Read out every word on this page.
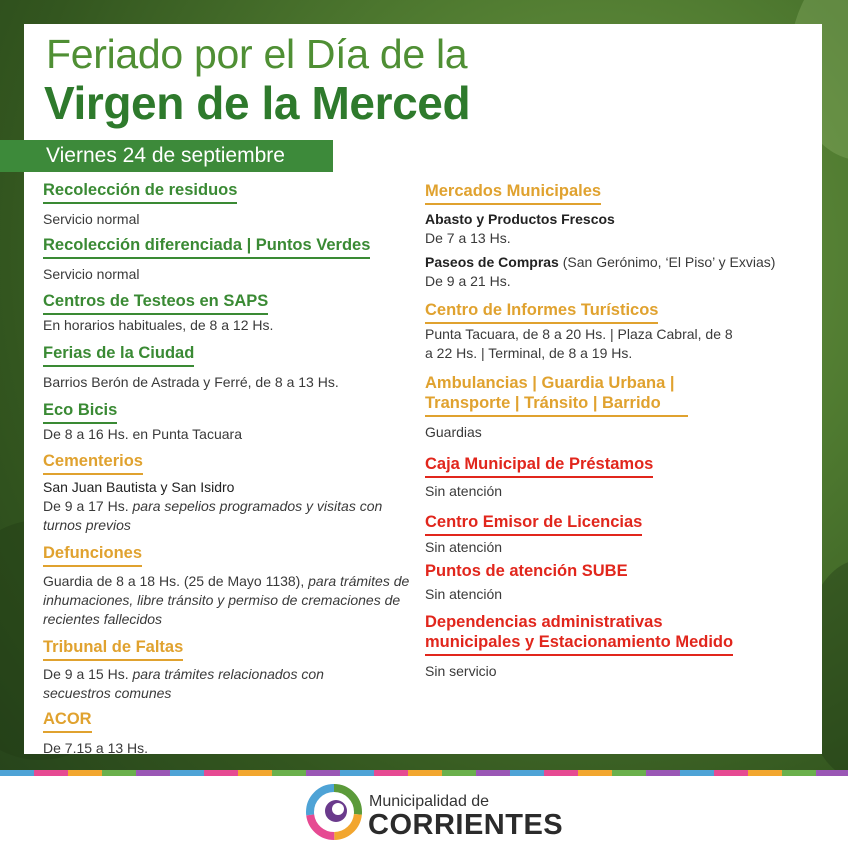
Feriado por el Día de la
Virgen de la Merced
Viernes 24 de septiembre
Recolección de residuos
Servicio normal
Recolección diferenciada | Puntos Verdes
Servicio normal
Centros de Testeos en SAPS
En horarios habituales, de 8 a 12 Hs.
Ferias de la Ciudad
Barrios Berón de Astrada y Ferré, de 8 a 13 Hs.
Eco Bicis
De 8 a 16 Hs. en Punta Tacuara
Cementerios
San Juan Bautista y San Isidro
De 9 a 17 Hs. para sepelios programados y visitas con turnos previos
Defunciones
Guardia de 8 a 18 Hs. (25 de Mayo 1138), para trámites de inhumaciones, libre tránsito y permiso de cremaciones de recientes fallecidos
Tribunal de Faltas
De 9 a 15 Hs. para trámites relacionados con secuestros comunes
ACOR
De 7.15 a 13 Hs.
Mercados Municipales
Abasto y Productos Frescos
De 7 a 13 Hs.
Paseos de Compras (San Gerónimo, ‘El Piso’ y Exvias)
De 9 a 21 Hs.
Centro de Informes Turísticos
Punta Tacuara, de 8 a 20 Hs. | Plaza Cabral, de 8 a 22 Hs. | Terminal, de 8 a 19 Hs.
Ambulancias | Guardia Urbana |
Transporte | Tránsito | Barrido
Guardias
Caja Municipal de Préstamos
Sin atención
Centro Emisor de Licencias
Sin atención
Puntos de atención SUBE
Sin atención
Dependencias administrativas
municipales y Estacionamiento Medido
Sin servicio
Municipalidad de
CORRIENTES
